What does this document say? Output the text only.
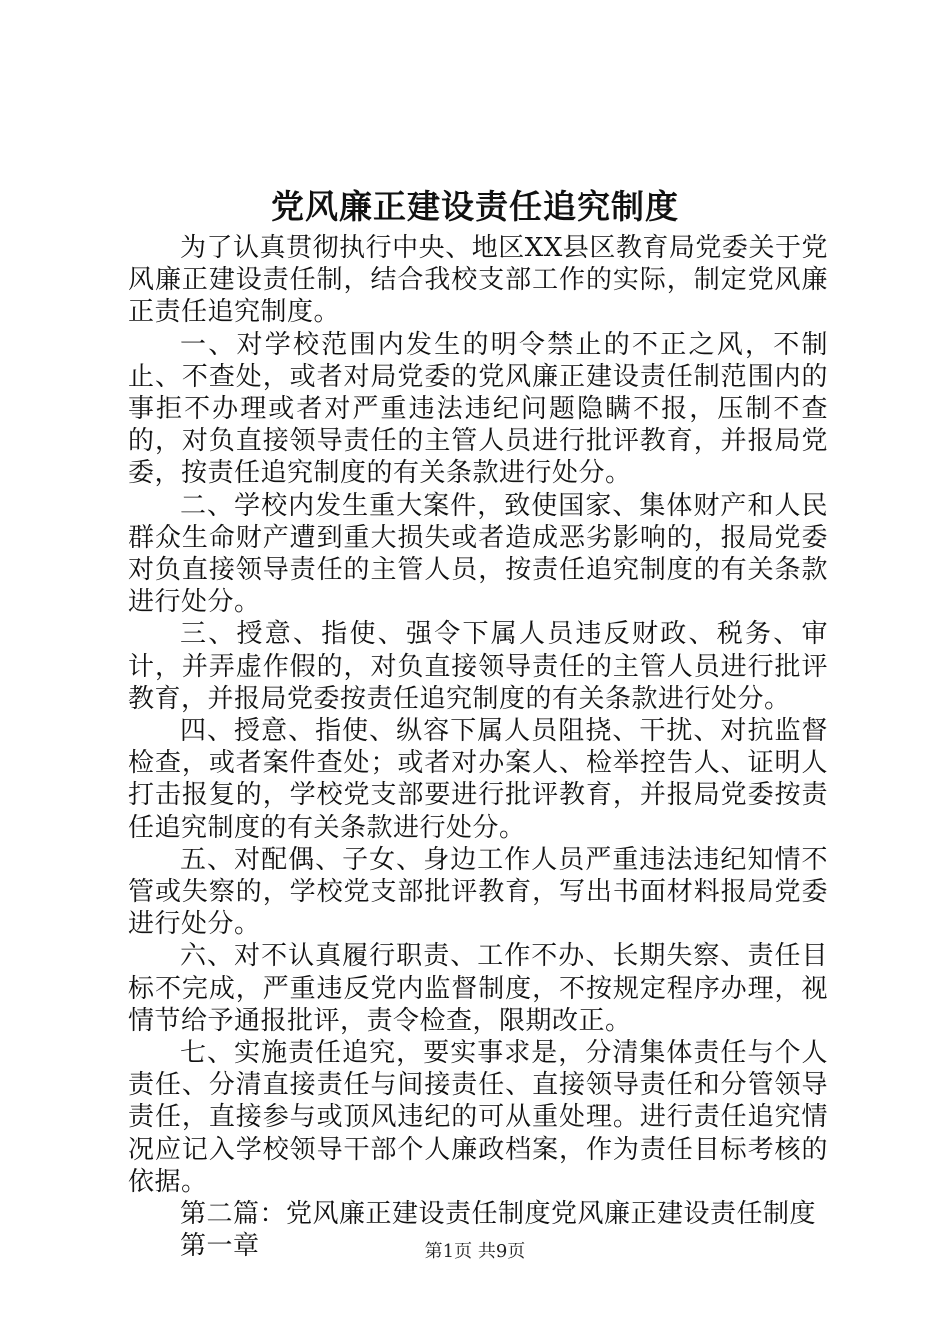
党风廉正建设责任追究制度

为了认真贯彻执行中央、地区XX县区教育局党委关于党风廉正建设责任制，结合我校支部工作的实际，制定党风廉正责任追究制度。

一、对学校范围内发生的明令禁止的不正之风，不制止、不查处，或者对局党委的党风廉正建设责任制范围内的事拒不办理或者对严重违法违纪问题隐瞒不报，压制不查的，对负直接领导责任的主管人员进行批评教育，并报局党委，按责任追究制度的有关条款进行处分。

二、学校内发生重大案件，致使国家、集体财产和人民群众生命财产遭到重大损失或者造成恶劣影响的，报局党委对负直接领导责任的主管人员，按责任追究制度的有关条款进行处分。

三、授意、指使、强令下属人员违反财政、税务、审计，并弄虚作假的，对负直接领导责任的主管人员进行批评教育，并报局党委按责任追究制度的有关条款进行处分。

四、授意、指使、纵容下属人员阻挠、干扰、对抗监督检查，或者案件查处；或者对办案人、检举控告人、证明人打击报复的，学校党支部要进行批评教育，并报局党委按责任追究制度的有关条款进行处分。

五、对配偶、子女、身边工作人员严重违法违纪知情不管或失察的，学校党支部批评教育，写出书面材料报局党委进行处分。

六、对不认真履行职责、工作不办、长期失察、责任目标不完成，严重违反党内监督制度，不按规定程序办理，视情节给予通报批评，责令检查，限期改正。

七、实施责任追究，要实事求是，分清集体责任与个人责任、分清直接责任与间接责任、直接领导责任和分管领导责任，直接参与或顶风违纪的可从重处理。进行责任追究情况应记入学校领导干部个人廉政档案，作为责任目标考核的依据。

第二篇：党风廉正建设责任制度党风廉正建设责任制度

第一章	第1页 共9页
